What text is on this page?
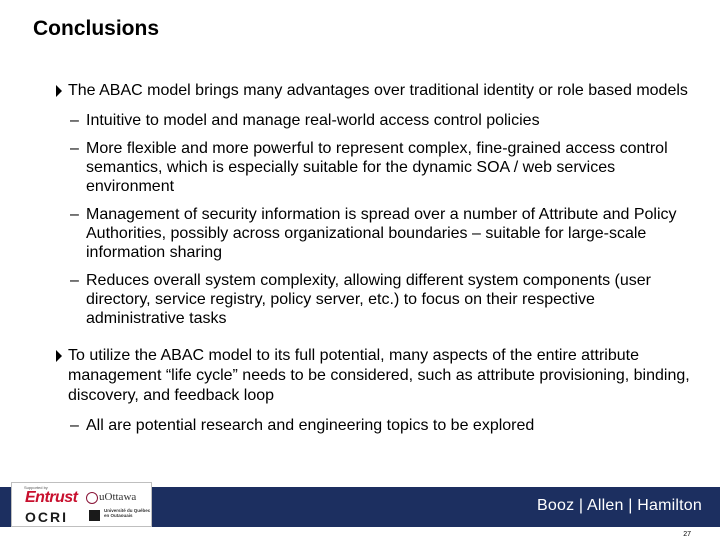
Conclusions
The ABAC model brings many advantages over traditional identity or role based models
– Intuitive to model and manage real-world access control policies
– More flexible and more powerful to represent complex, fine-grained access control semantics, which is especially suitable for the dynamic SOA / web services environment
– Management of security information is spread over a number of Attribute and Policy Authorities, possibly across organizational boundaries – suitable for large-scale information sharing
– Reduces overall system complexity, allowing different system components (user directory, service registry, policy server, etc.) to focus on their respective administrative tasks
To utilize the ABAC model to its full potential, many aspects of the entire attribute management “life cycle” needs to be considered, such as attribute provisioning, binding, discovery, and feedback loop
– All are potential research and engineering topics to be explored
Supported by
Entrust
OCRI
uOttawa
Université du Québec en Outaouais
Booz | Allen | Hamilton
27
